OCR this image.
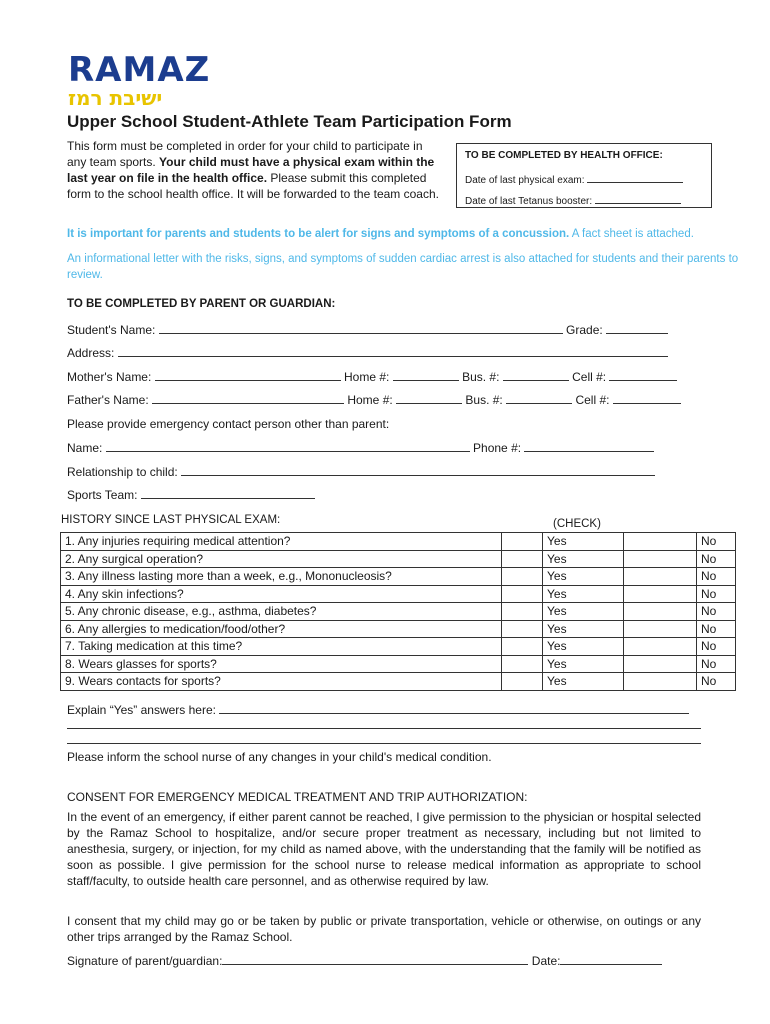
RAMAZ
ישיבת רמז
Upper School Student-Athlete Team Participation Form
This form must be completed in order for your child to participate in any team sports. Your child must have a physical exam within the last year on file in the health office. Please submit this completed form to the school health office. It will be forwarded to the team coach.
TO BE COMPLETED BY HEALTH OFFICE:
Date of last physical exam:
Date of last Tetanus booster:
It is important for parents and students to be alert for signs and symptoms of a concussion. A fact sheet is attached.
An informational letter with the risks, signs, and symptoms of sudden cardiac arrest is also attached for students and their parents to review.
TO BE COMPLETED BY PARENT OR GUARDIAN:
Student's Name:	Grade:
Address:
Mother's Name:	Home #:	Bus. #:	Cell #:
Father's Name:	Home #:	Bus. #:	Cell #:
Please provide emergency contact person other than parent:
Name:	Phone #:
Relationship to child:
Sports Team:
HISTORY SINCE LAST PHYSICAL EXAM:	(CHECK)
1. Any injuries requiring medical attention?		Yes		No
2. Any surgical operation?		Yes		No
3. Any illness lasting more than a week, e.g., Mononucleosis?		Yes		No
4. Any skin infections?		Yes		No
5. Any chronic disease, e.g., asthma, diabetes?		Yes		No
6. Any allergies to medication/food/other?		Yes		No
7. Taking medication at this time?		Yes		No
8. Wears glasses for sports?		Yes		No
9. Wears contacts for sports?		Yes		No
Explain “Yes” answers here:
Please inform the school nurse of any changes in your child's medical condition.
CONSENT FOR EMERGENCY MEDICAL TREATMENT AND TRIP AUTHORIZATION:
In the event of an emergency, if either parent cannot be reached, I give permission to the physician or hospital selected by the Ramaz School to hospitalize, and/or secure proper treatment as necessary, including but not limited to anesthesia, surgery, or injection, for my child as named above, with the understanding that the family will be notified as soon as possible. I give permission for the school nurse to release medical information as appropriate to school staff/faculty, to outside health care personnel, and as otherwise required by law.
I consent that my child may go or be taken by public or private transportation, vehicle or otherwise, on outings or any other trips arranged by the Ramaz School.
Signature of parent/guardian:	Date:
